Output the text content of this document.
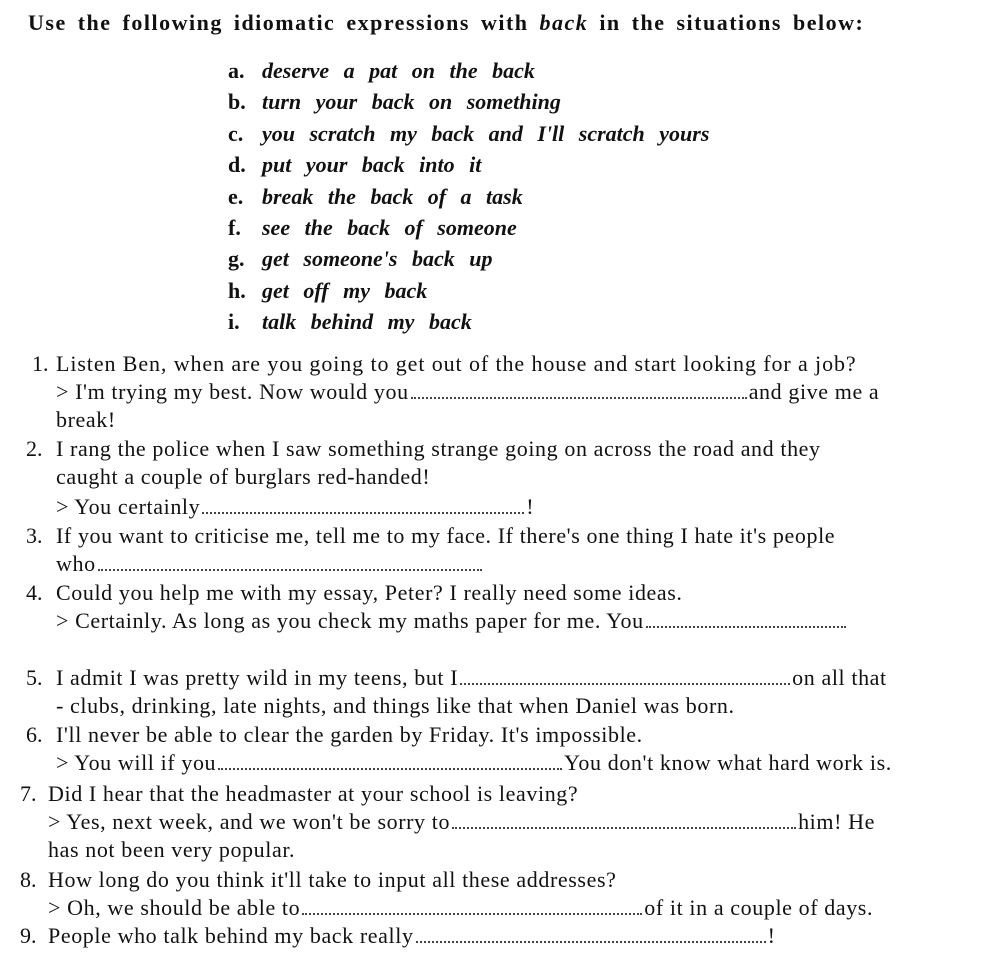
Use the following idiomatic expressions with back in the situations below:
a. deserve a pat on the back
b. turn your back on something
c. you scratch my back and I'll scratch yours
d. put your back into it
e. break the back of a task
f. see the back of someone
g. get someone's back up
h. get off my back
i. talk behind my back
1. Listen Ben, when are you going to get out of the house and start looking for a job?
> I'm trying my best. Now would you	and give me a
break!
2. I rang the police when I saw something strange going on across the road and they
caught a couple of burglars red-handed!
> You certainly	!
3. If you want to criticise me, tell me to my face. If there's one thing I hate it's people
who
4. Could you help me with my essay, Peter? I really need some ideas.
> Certainly. As long as you check my maths paper for me. You
5. I admit I was pretty wild in my teens, but I	on all that
- clubs, drinking, late nights, and things like that when Daniel was born.
6. I'll never be able to clear the garden by Friday. It's impossible.
> You will if you	You don't know what hard work is.
7. Did I hear that the headmaster at your school is leaving?
> Yes, next week, and we won't be sorry to	him! He
has not been very popular.
8. How long do you think it'll take to input all these addresses?
> Oh, we should be able to	of it in a couple of days.
9. People who talk behind my back really	!
